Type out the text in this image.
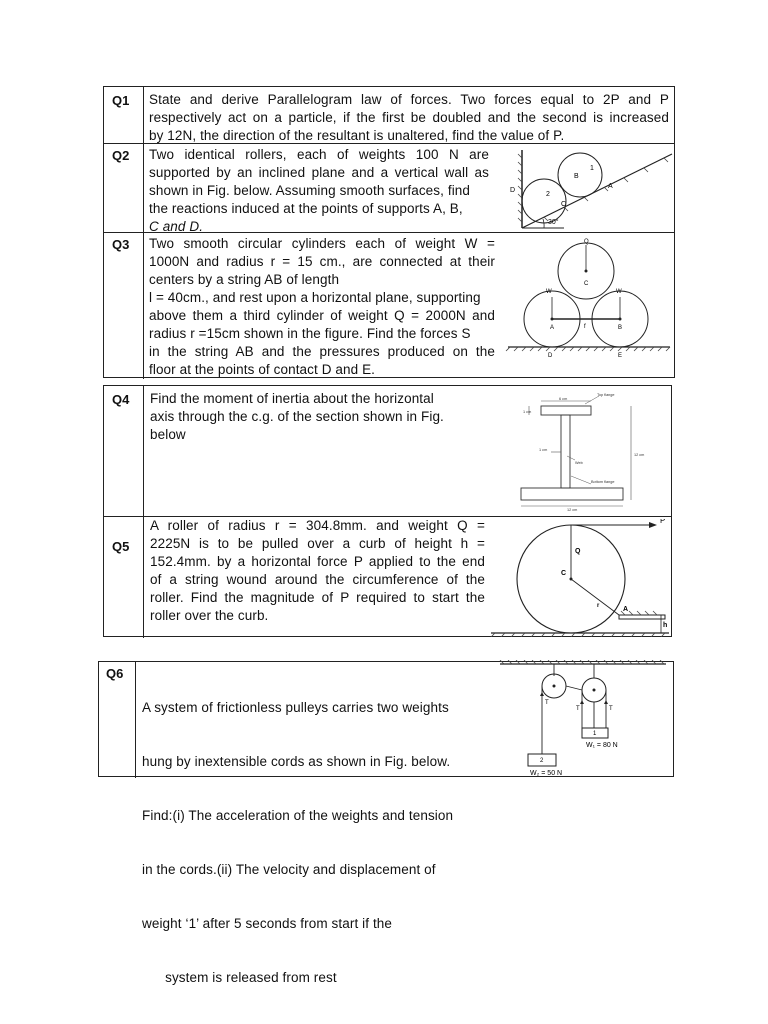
Q1 State and derive Parallelogram law of forces. Two forces equal to 2P and P
respectively act on a particle, if the first be doubled and the second is increased
by 12N, the direction of the resultant is unaltered, find the value of P.
Q2 Two identical rollers, each of weights 100 N are
supported by an inclined plane and a vertical wall as
shown in Fig. below. Assuming smooth surfaces, find
the reactions induced at the points of supports A, B,
C and D.
D
A
B
C
1
2
30°
Q3 Two smooth circular cylinders each of weight W =
1000N and radius r = 15 cm., are connected at their
centers by a string AB of length
l = 40cm., and rest upon a horizontal plane, supporting
above them a third cylinder of weight Q = 2000N and
radius r =15cm shown in the figure. Find the forces S
in the string AB and the pressures produced on the
floor at the points of contact D and E.
Q
W	W
C
A	B
f
D	E
Q4 Find the moment of inertia about the horizontal
axis through the c.g. of the section shown in Fig.
below
Top flange
6 cm
1 cm
1 cm
Web
12 cm
Bottom flange
12 cm
Q5
A roller of radius r = 304.8mm. and weight Q =
2225N is to be pulled over a curb of height h =
152.4mm. by a horizontal force P applied to the end
of a string wound around the circumference of the
roller. Find the magnitude of P required to start the
roller over the curb.
P
Q
C
r	A
h
Q6

A system of frictionless pulleys carries two weights

hung by inextensible cords as shown in Fig. below.

Find:(i) The acceleration of the weights and tension

in the cords.(ii) The velocity and displacement of

weight ‘1’ after 5 seconds from start if the

system is released from rest

T
T	T
1
W₁ = 80 N
2
W₂ = 50 N
